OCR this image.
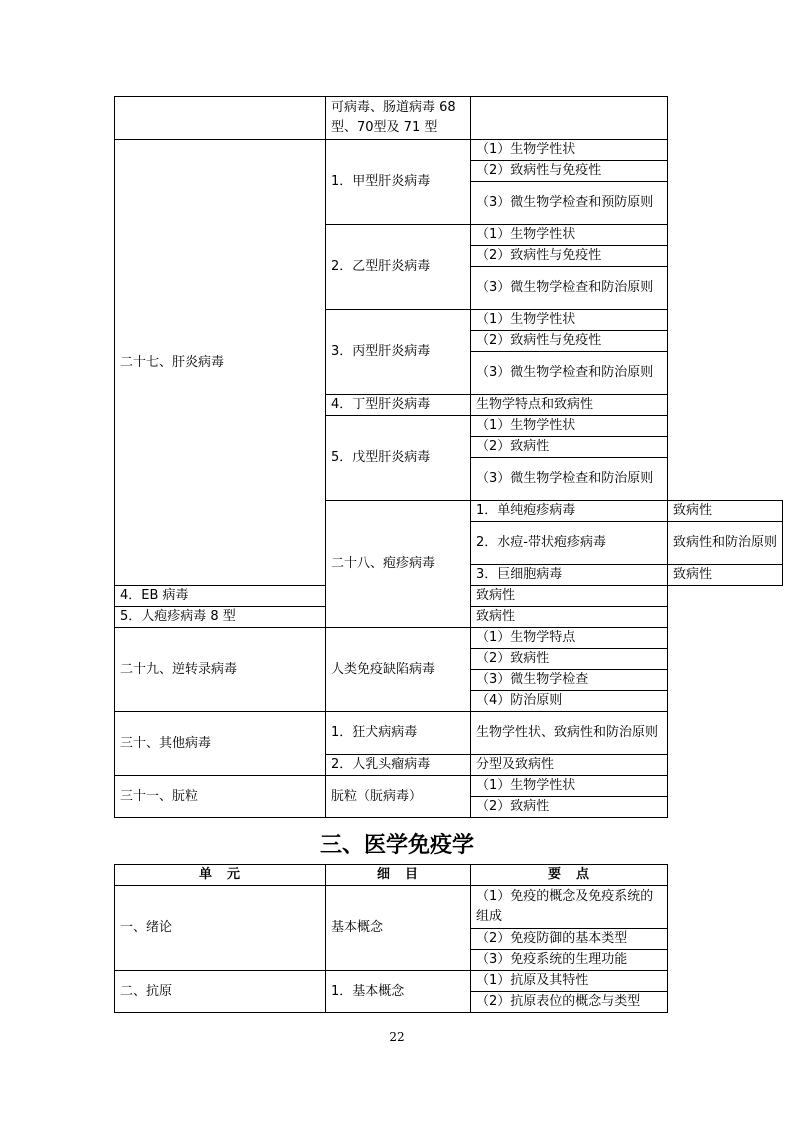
	可病毒、肠道病毒 68 型、70型及 71 型		
二十七、肝炎病毒	1．甲型肝炎病毒	（1）生物学性状	
		（2）致病性与免疫性	
		（3）微生物学检查和预防原则	
	2．乙型肝炎病毒	（1）生物学性状	
		（2）致病性与免疫性	
		（3）微生物学检查和防治原则	
	3．丙型肝炎病毒	（1）生物学性状	
		（2）致病性与免疫性	
		（3）微生物学检查和防治原则	
	4．丁型肝炎病毒	生物学特点和致病性	
	5．戊型肝炎病毒	（1）生物学性状	
		（2）致病性	
		（3）微生物学检查和防治原则	
	二十八、疱疹病毒	1．单纯疱疹病毒	致病性
		2．水痘-带状疱疹病毒	致病性和防治原则
		3．巨细胞病毒	致病性
4．EB 病毒		致病性	
5．人疱疹病毒 8 型		致病性	
二十九、逆转录病毒	人类免疫缺陷病毒	（1）生物学特点	
		（2）致病性	
		（3）微生物学检查	
		（4）防治原则	
三十、其他病毒	1．狂犬病病毒	生物学性状、致病性和防治原则	
	2．人乳头瘤病毒	分型及致病性	
三十一、朊粒	朊粒（朊病毒）	（1）生物学性状	
		（2）致病性	
三、医学免疫学
单　元	细　目	要　点
一、绪论	基本概念	（1）免疫的概念及免疫系统的组成
		（2）免疫防御的基本类型
		（3）免疫系统的生理功能
二、抗原	1．基本概念	（1）抗原及其特性
		（2）抗原表位的概念与类型
22
